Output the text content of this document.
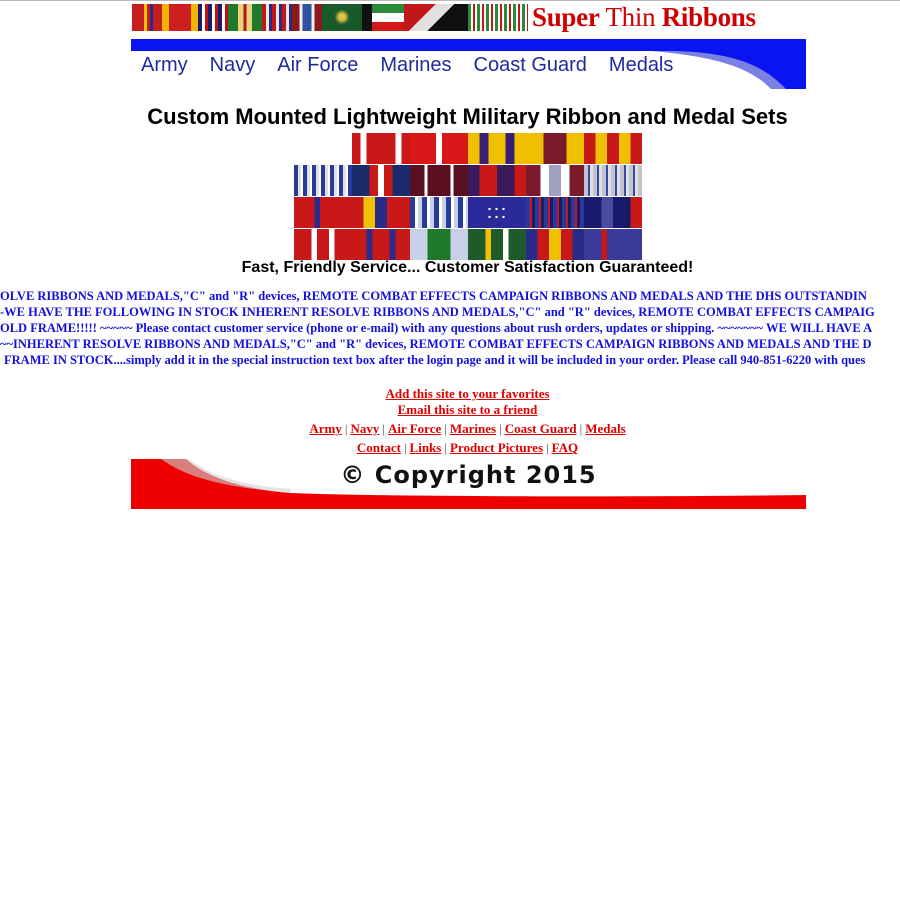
Super Thin Ribbons
Army Navy Air Force Marines Coast Guard Medals
Custom Mounted Lightweight Military Ribbon and Medal Sets
Fast, Friendly Service... Customer Satisfaction Guaranteed!
OLVE RIBBONS AND MEDALS,"C" and "R" devices, REMOTE COMBAT EFFECTS CAMPAIGN RIBBONS AND MEDALS AND THE DHS OUTSTANDIN
-WE HAVE THE FOLLOWING IN STOCK INHERENT RESOLVE RIBBONS AND MEDALS,"C" and "R" devices, REMOTE COMBAT EFFECTS CAMPAIG
OLD FRAME!!!!! ~~~~~ Please contact customer service (phone or e-mail) with any questions about rush orders, updates or shipping. ~~~~~~~ WE WILL HAVE A
~~INHERENT RESOLVE RIBBONS AND MEDALS,"C" and "R" devices, REMOTE COMBAT EFFECTS CAMPAIGN RIBBONS AND MEDALS AND THE D
FRAME IN STOCK....simply add it in the special instruction text box after the login page and it will be included in your order. Please call 940-851-6220 with ques
Add this site to your favorites
Email this site to a friend
Army | Navy | Air Force | Marines | Coast Guard | Medals
Contact | Links | Product Pictures | FAQ
© Copyright 2015
